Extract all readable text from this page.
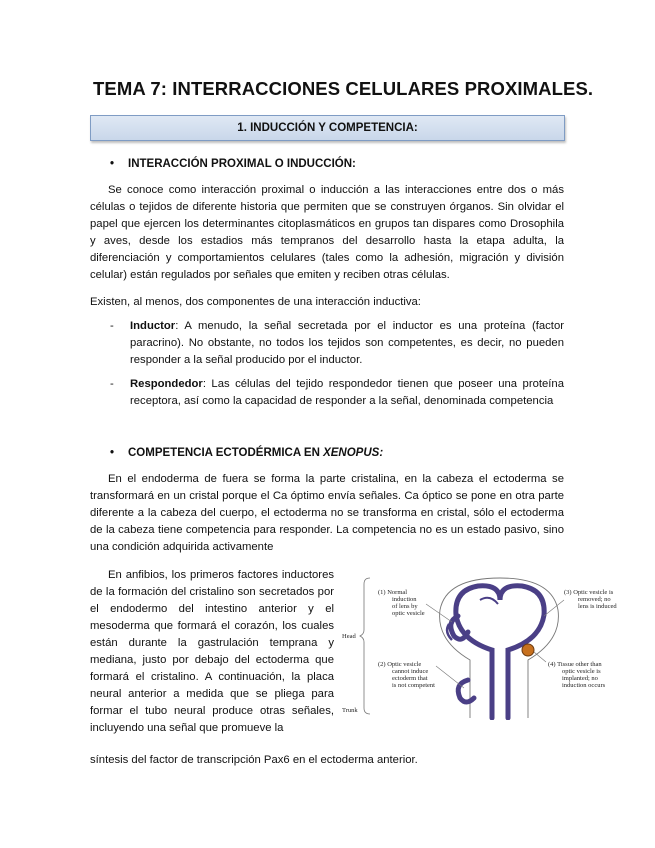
TEMA 7: INTERRACCIONES CELULARES PROXIMALES.
1. INDUCCIÓN Y COMPETENCIA:
• INTERACCIÓN PROXIMAL O INDUCCIÓN:
Se conoce como interacción proximal o inducción a las interacciones entre dos o más células o tejidos de diferente historia que permiten que se construyen órganos. Sin olvidar el papel que ejercen los determinantes citoplasmáticos en grupos tan dispares como Drosophila y aves, desde los estadios más tempranos del desarrollo hasta la etapa adulta, la diferenciación y comportamientos celulares (tales como la adhesión, migración y división celular) están regulados por señales que emiten y reciben otras células.
Existen, al menos, dos componentes de una interacción inductiva:
- Inductor: A menudo, la señal secretada por el inductor es una proteína (factor paracrino). No obstante, no todos los tejidos son competentes, es decir, no pueden responder a la señal producido por el inductor.
- Respondedor: Las células del tejido respondedor tienen que poseer una proteína receptora, así como la capacidad de responder a la señal, denominada competencia
• COMPETENCIA ECTODÉRMICA EN XENOPUS:
En el endoderma de fuera se forma la parte cristalina, en la cabeza el ectoderma se transformará en un cristal porque el Ca óptimo envía señales. Ca óptico se pone en otra parte diferente a la cabeza del cuerpo, el ectoderma no se transforma en cristal, sólo el ectoderma de la cabeza tiene competencia para responder. La competencia no es un estado pasivo, sino una condición adquirida activamente
En anfibios, los primeros factores inductores de la formación del cristalino son secretados por el endodermo del intestino anterior y el mesoderma que formará el corazón, los cuales están durante la gastrulación temprana y mediana, justo por debajo del ectoderma que formará el cristalino. A continuación, la placa neural anterior a medida que se pliega para formar el tubo neural produce otras señales, incluyendo una señal que promueve la
síntesis del factor de transcripción Pax6 en el ectoderma anterior.
Head
Trunk
(1) Normal
induction
of lens by
optic vesicle
(2) Optic vesicle
cannot induce
ectoderm that
is not competent
(3) Optic vesicle is
removed; no
lens is induced
(4) Tissue other than
optic vesicle is
implanted; no
induction occurs
